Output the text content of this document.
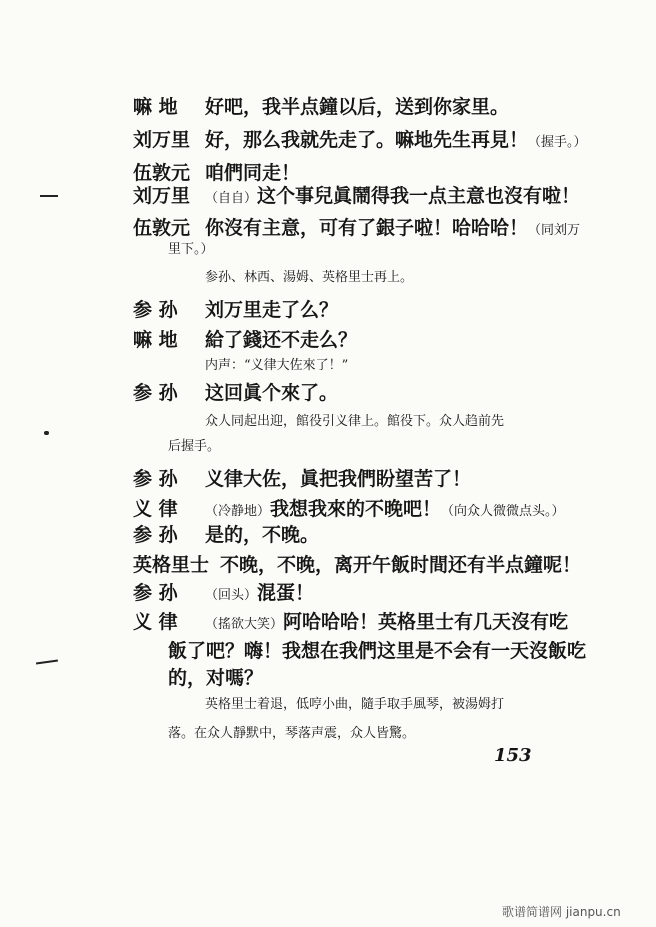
嘛 地 好吧，我半点鐘以后，送到你家里。
刘万里 好，那么我就先走了。嘛地先生再見！（握手。）
伍敦元 咱們同走！
刘万里 （自自）这个事兒眞鬧得我一点主意也沒有啦！
伍敦元 你沒有主意，可有了銀子啦！哈哈哈！（同刘万
里下。）
参孙、林西、湯姆、英格里士再上。
参 孙 刘万里走了么？
嘛 地 給了錢还不走么？
内声：“义律大佐來了！”
参 孙 这回眞个來了。
众人同起出迎，館役引义律上。館役下。众人趋前先
后握手。
参 孙 义律大佐，眞把我們盼望苦了！
义 律 （冷静地）我想我來的不晚吧！（向众人微微点头。）
参 孙 是的，不晚。
英格里士 不晚，不晚，离开午飯时間还有半点鐘呢！
参 孙 （回头）混蛋！
义 律 （搖欲大笑）阿哈哈哈！英格里士有几天沒有吃
飯了吧？嗨！我想在我們这里是不会有一天沒飯吃
的，对嗎？
英格里士着退，低哼小曲，隨手取手風琴，被湯姆打
落。在众人靜默中，琴落声震，众人皆驚。
153
歌谱简谱网 jianpu.cn
